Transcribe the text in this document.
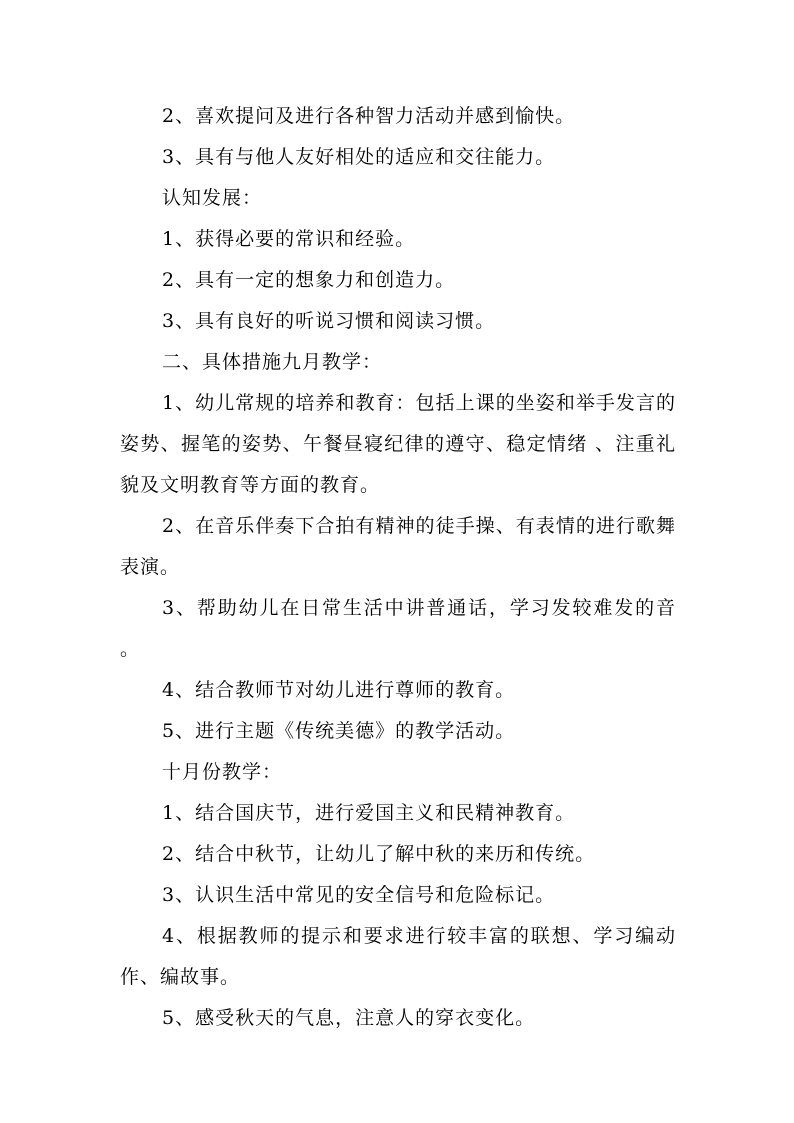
2、喜欢提问及进行各种智力活动并感到愉快。

3、具有与他人友好相处的适应和交往能力。

认知发展：

1、获得必要的常识和经验。

2、具有一定的想象力和创造力。

3、具有良好的听说习惯和阅读习惯。

二、具体措施九月教学：

1、幼儿常规的培养和教育：包括上课的坐姿和举手发言的姿势、握笔的姿势、午餐昼寝纪律的遵守、稳定情绪 、注重礼貌及文明教育等方面的教育。

2、在音乐伴奏下合拍有精神的徒手操、有表情的进行歌舞表演。

3、帮助幼儿在日常生活中讲普通话，学习发较难发的音 。

4、结合教师节对幼儿进行尊师的教育。

5、进行主题《传统美德》的教学活动。

十月份教学：

1、结合国庆节，进行爱国主义和民精神教育。

2、结合中秋节，让幼儿了解中秋的来历和传统。

3、认识生活中常见的安全信号和危险标记。

4、根据教师的提示和要求进行较丰富的联想、学习编动作、编故事。

5、感受秋天的气息，注意人的穿衣变化。
